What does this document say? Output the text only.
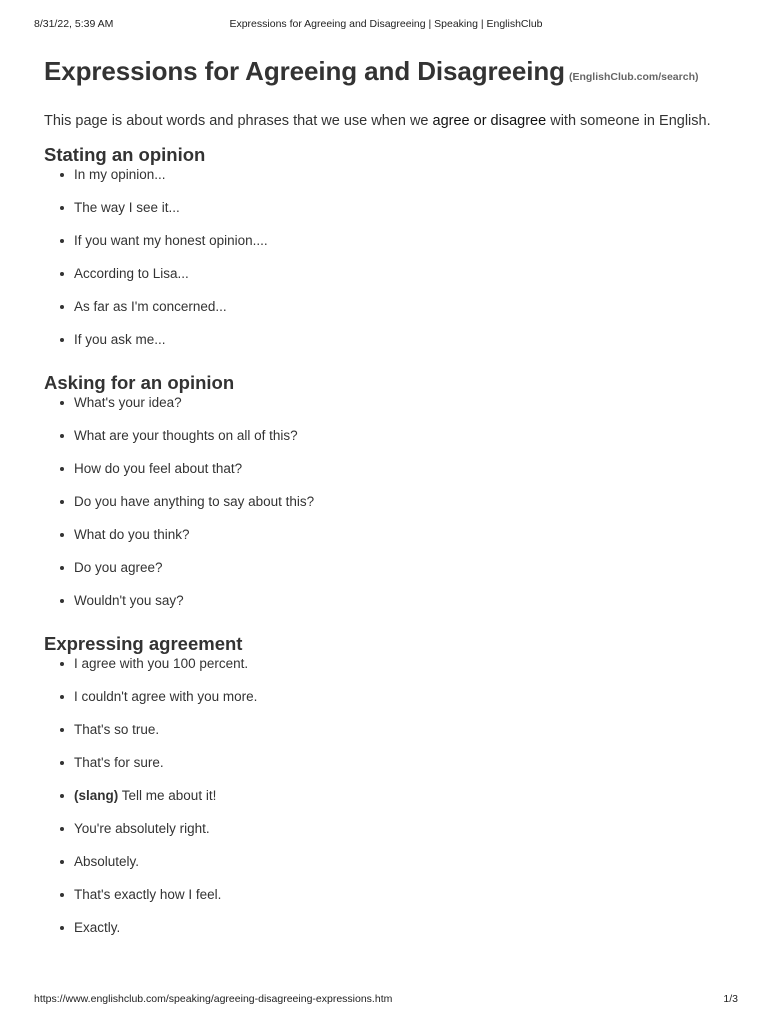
8/31/22, 5:39 AM	Expressions for Agreeing and Disagreeing | Speaking | EnglishClub
Expressions for Agreeing and Disagreeing (EnglishClub.com/search)

This page is about words and phrases that we use when we agree or disagree with someone in English.

Stating an opinion
In my opinion...
The way I see it...
If you want my honest opinion....
According to Lisa...
As far as I'm concerned...
If you ask me...
Asking for an opinion
What's your idea?
What are your thoughts on all of this?
How do you feel about that?
Do you have anything to say about this?
What do you think?
Do you agree?
Wouldn't you say?
Expressing agreement
I agree with you 100 percent.
I couldn't agree with you more.
That's so true.
That's for sure.
(slang) Tell me about it!
You're absolutely right.
Absolutely.
That's exactly how I feel.
Exactly.
https://www.englishclub.com/speaking/agreeing-disagreeing-expressions.htm	1/3
